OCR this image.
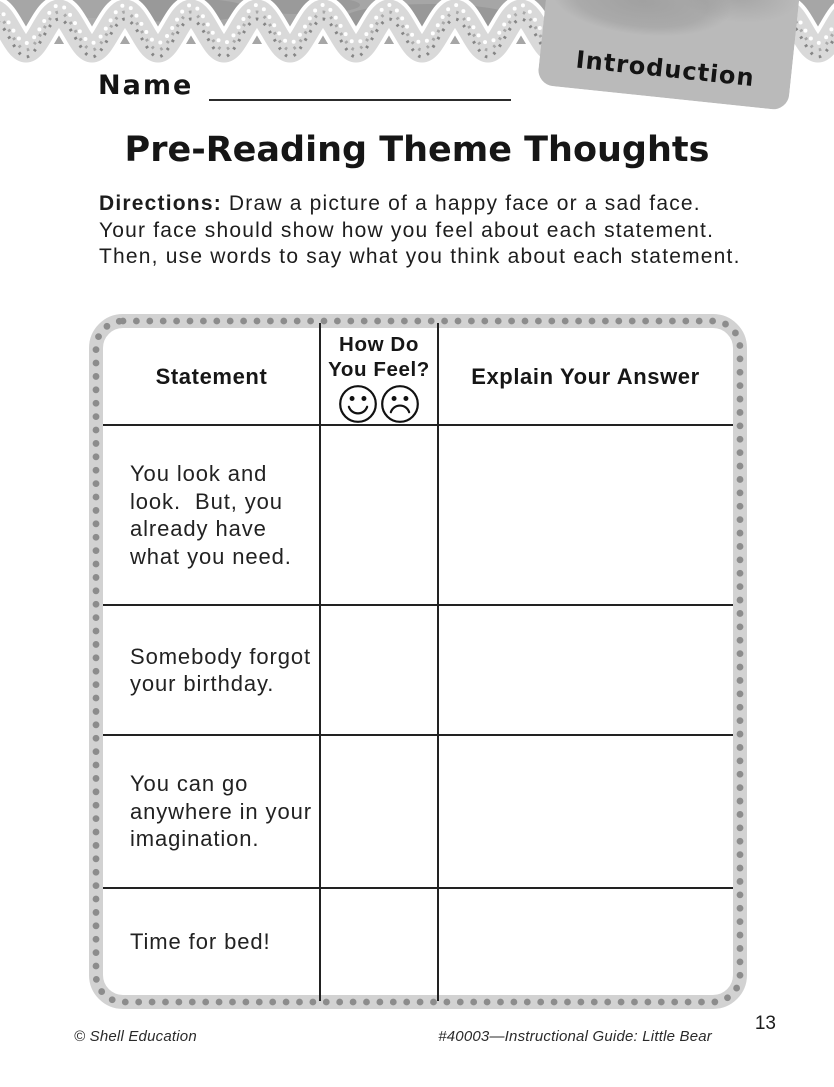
Introduction
Name
Pre-Reading Theme Thoughts
Directions: Draw a picture of a happy face or a sad face.  Your face should show how you feel about each statement.  Then, use words to say what you think about each statement.
Statement
How Do
You Feel?	Explain Your Answer
You look and look.  But, you already have what you need.
Somebody forgot your birthday.
You can go anywhere in your imagination.
Time for bed!
© Shell Education	#40003—Instructional Guide: Little Bear
13
